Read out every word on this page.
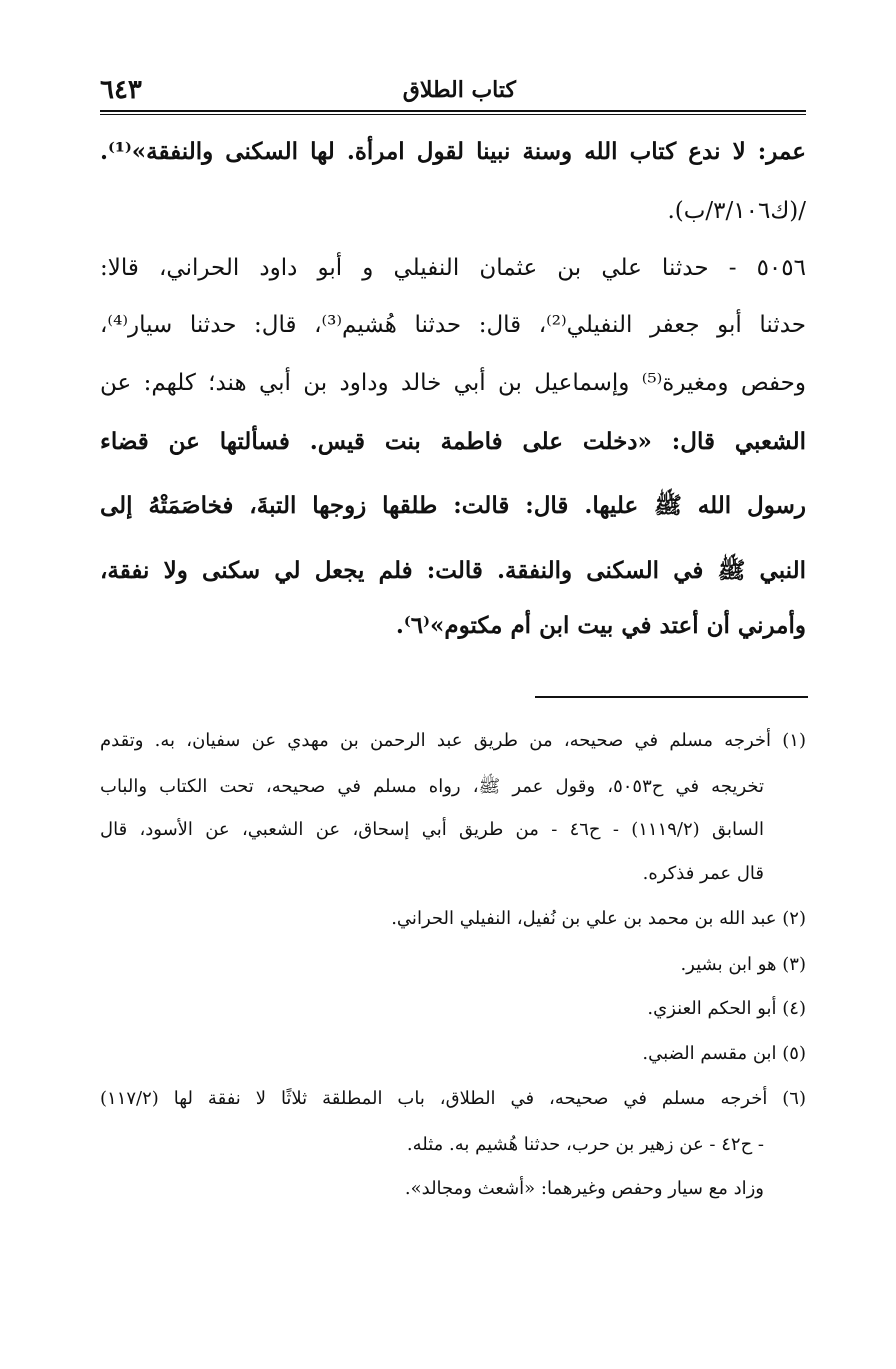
كتاب الطلاق
٦٤٣
عمر: لا ندع كتاب الله وسنة نبينا لقول امرأة. لها السكنى والنفقة»⁽¹⁾.
/(ك٣/١٠٦/ب).
٥٠٥٦ - حدثنا علي بن عثمان النفيلي و أبو داود الحراني، قالا:
حدثنا أبو جعفر النفيلي⁽²⁾، قال: حدثنا هُشيم⁽³⁾، قال: حدثنا سيار⁽⁴⁾،
وحفص ومغيرة⁽⁵⁾ وإسماعيل بن أبي خالد وداود بن أبي هند؛ كلهم: عن
الشعبي قال: «دخلت على فاطمة بنت قيس. فسألتها عن قضاء
رسول الله ﷺ عليها. قال: قالت: طلقها زوجها التبةَ، فخاصَمَتْهُ إلى
النبي ﷺ في السكنى والنفقة. قالت: فلم يجعل لي سكنى ولا نفقة،
وأمرني أن أعتد في بيت ابن أم مكتوم»⁽٦⁾.
(١) أخرجه مسلم في صحيحه، من طريق عبد الرحمن بن مهدي عن سفيان، به. وتقدم
تخريجه في ح٥٠٥٣، وقول عمر ﷺ، رواه مسلم في صحيحه، تحت الكتاب والباب
السابق (١١١٩/٢) - ح٤٦ - من طريق أبي إسحاق، عن الشعبي، عن الأسود، قال
قال عمر فذكره.
(٢) عبد الله بن محمد بن علي بن نُفيل، النفيلي الحراني.
(٣) هو ابن بشير.
(٤) أبو الحكم العنزي.
(٥) ابن مقسم الضبي.
(٦) أخرجه مسلم في صحيحه، في الطلاق، باب المطلقة ثلاثًا لا نفقة لها (١١٧/٢)
- ح٤٢ - عن زهير بن حرب، حدثنا هُشيم به. مثله.
وزاد مع سيار وحفص وغيرهما: «أشعث ومجالد».
